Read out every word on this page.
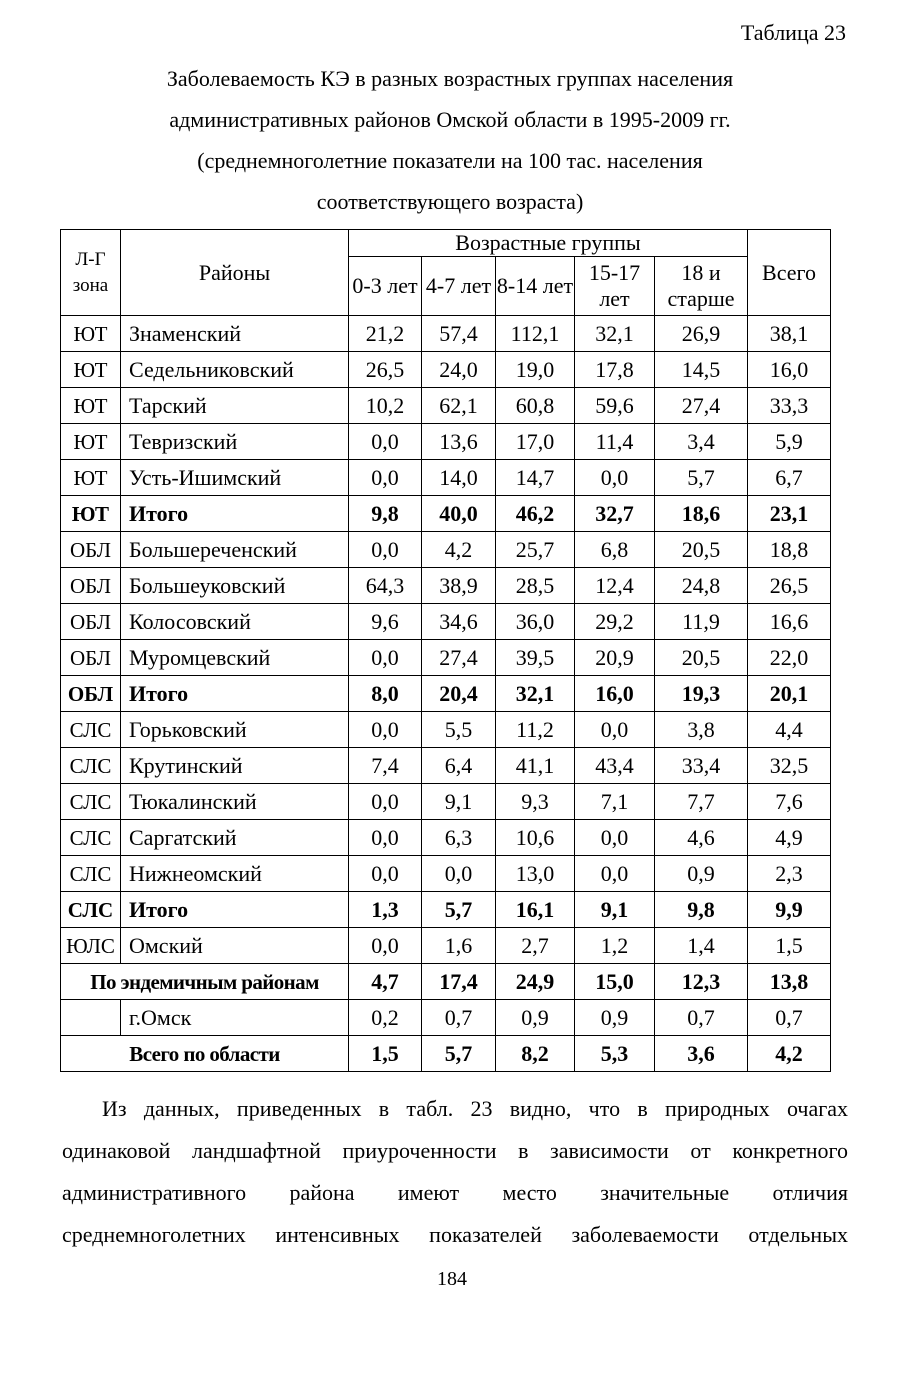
Таблица 23
Заболеваемость КЭ в разных возрастных группах населения
административных районов Омской области в 1995-2009 гг.
(среднемноголетние показатели на 100 тас. населения
соответствующего возраста)
Л-Г зона	Районы	Возрастные группы					Всего
		0-3 лет	4-7 лет	8-14 лет	15-17 лет	18 и старше	
ЮТ	Знаменский	21,2	57,4	112,1	32,1	26,9	38,1
ЮТ	Седельниковский	26,5	24,0	19,0	17,8	14,5	16,0
ЮТ	Тарский	10,2	62,1	60,8	59,6	27,4	33,3
ЮТ	Тевризский	0,0	13,6	17,0	11,4	3,4	5,9
ЮТ	Усть-Ишимский	0,0	14,0	14,7	0,0	5,7	6,7
ЮТ	Итого	9,8	40,0	46,2	32,7	18,6	23,1
ОБЛ	Большереченский	0,0	4,2	25,7	6,8	20,5	18,8
ОБЛ	Большеуковский	64,3	38,9	28,5	12,4	24,8	26,5
ОБЛ	Колосовский	9,6	34,6	36,0	29,2	11,9	16,6
ОБЛ	Муромцевский	0,0	27,4	39,5	20,9	20,5	22,0
ОБЛ	Итого	8,0	20,4	32,1	16,0	19,3	20,1
СЛС	Горьковский	0,0	5,5	11,2	0,0	3,8	4,4
СЛС	Крутинский	7,4	6,4	41,1	43,4	33,4	32,5
СЛС	Тюкалинский	0,0	9,1	9,3	7,1	7,7	7,6
СЛС	Саргатский	0,0	6,3	10,6	0,0	4,6	4,9
СЛС	Нижнеомский	0,0	0,0	13,0	0,0	0,9	2,3
СЛС	Итого	1,3	5,7	16,1	9,1	9,8	9,9
ЮЛС	Омский	0,0	1,6	2,7	1,2	1,4	1,5
По эндемичным районам		4,7	17,4	24,9	15,0	12,3	13,8
	г.Омск	0,2	0,7	0,9	0,9	0,7	0,7
Всего по области		1,5	5,7	8,2	5,3	3,6	4,2
Из данных, приведенных в табл. 23 видно, что в природных очагах
одинаковой ландшафтной приуроченности в зависимости от конкретного
административного района имеют место значительные отличия
среднемноголетних интенсивных показателей заболеваемости отдельных
184
